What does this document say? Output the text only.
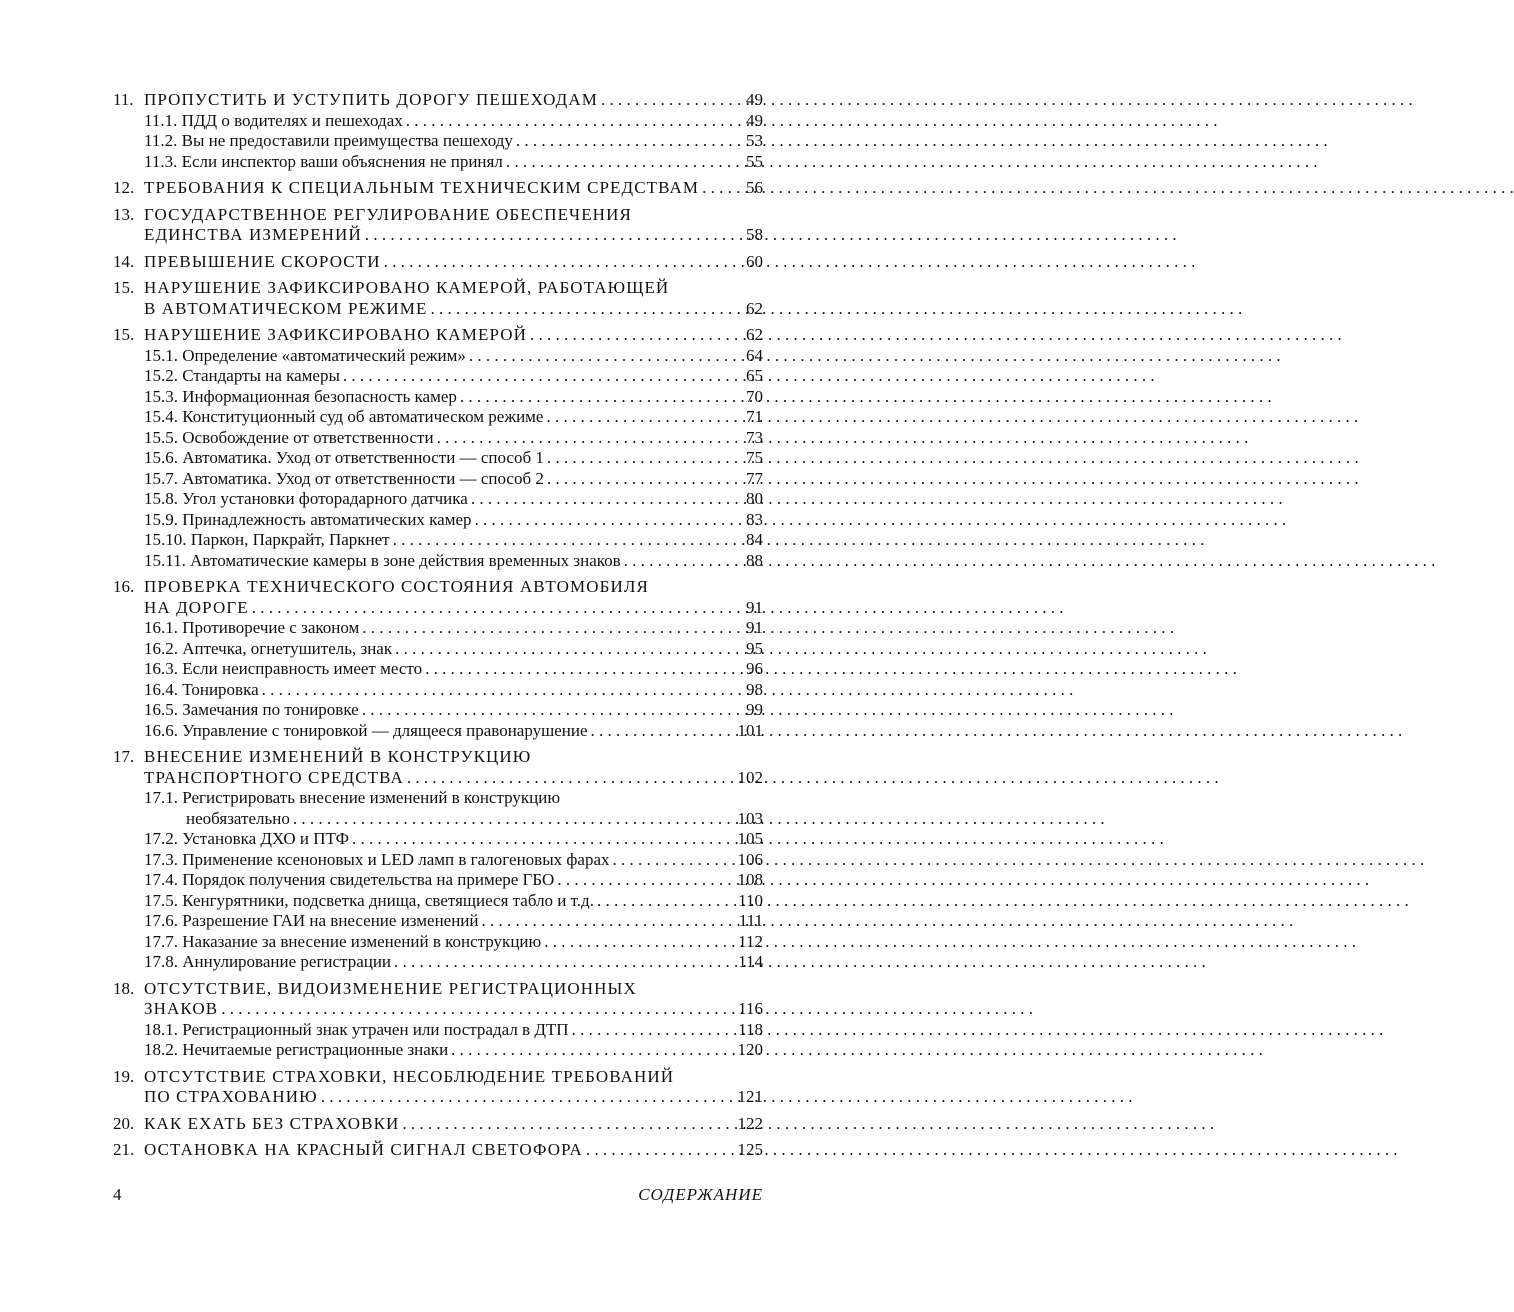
11. ПРОПУСТИТЬ И УСТУПИТЬ ДОРОГУ ПЕШЕХОДАМ . . .	49
11.1. ПДД о водителях и пешеходах . . .	49
11.2. Вы не предоставили преимущества пешеходу . . .	53
11.3. Если инспектор ваши объяснения не принял . . .	55
12. ТРЕБОВАНИЯ К СПЕЦИАЛЬНЫМ ТЕХНИЧЕСКИМ СРЕДСТВАМ . . .	56
13. ГОСУДАРСТВЕННОЕ РЕГУЛИРОВАНИЕ ОБЕСПЕЧЕНИЯ
ЕДИНСТВА ИЗМЕРЕНИЙ . . .	58
14. ПРЕВЫШЕНИЕ СКОРОСТИ . . .	60
15. НАРУШЕНИЕ ЗАФИКСИРОВАНО КАМЕРОЙ, РАБОТАЮЩЕЙ
В АВТОМАТИЧЕСКОМ РЕЖИМЕ . . .	62
15. НАРУШЕНИЕ ЗАФИКСИРОВАНО КАМЕРОЙ . . .	62
15.1. Определение «автоматический режим» . . .	64
15.2. Стандарты на камеры . . .	65
15.3. Информационная безопасность камер . . .	70
15.4. Конституционный суд об автоматическом режиме . . .	71
15.5. Освобождение от ответственности . . .	73
15.6. Автоматика. Уход от ответственности — способ 1 . . .	75
15.7. Автоматика. Уход от ответственности — способ 2 . . .	77
15.8. Угол установки фоторадарного датчика . . .	80
15.9. Принадлежность автоматических камер . . .	83
15.10. Паркон, Паркрайт, Паркнет . . .	84
15.11. Автоматические камеры в зоне действия временных знаков . . .	88
16. ПРОВЕРКА ТЕХНИЧЕСКОГО СОСТОЯНИЯ АВТОМОБИЛЯ
НА ДОРОГЕ . . .	91
16.1. Противоречие с законом . . .	91
16.2. Аптечка, огнетушитель, знак . . .	95
16.3. Если неисправность имеет место . . .	96
16.4. Тонировка . . .	98
16.5. Замечания по тонировке . . .	99
16.6. Управление с тонировкой — длящееся правонарушение . . .	101
17. ВНЕСЕНИЕ ИЗМЕНЕНИЙ В КОНСТРУКЦИЮ
ТРАНСПОРТНОГО СРЕДСТВА . . .	102
17.1. Регистрировать внесение изменений в конструкцию
необязательно . . .	103
17.2. Установка ДХО и ПТФ . . .	105
17.3. Применение ксеноновых и LED ламп в галогеновых фарах . . .	106
17.4. Порядок получения свидетельства на примере ГБО . . .	108
17.5. Кенгурятники, подсветка днища, светящиеся табло и т.д. . . .	110
17.6. Разрешение ГАИ на внесение изменений . . .	111
17.7. Наказание за внесение изменений в конструкцию . . .	112
17.8. Аннулирование регистрации . . .	114
18. ОТСУТСТВИЕ, ВИДОИЗМЕНЕНИЕ РЕГИСТРАЦИОННЫХ
ЗНАКОВ . . .	116
18.1. Регистрационный знак утрачен или пострадал в ДТП . . .	118
18.2. Нечитаемые регистрационные знаки . . .	120
19. ОТСУТСТВИЕ СТРАХОВКИ, НЕСОБЛЮДЕНИЕ ТРЕБОВАНИЙ
ПО СТРАХОВАНИЮ . . .	121
20. КАК ЕХАТЬ БЕЗ СТРАХОВКИ . . .	122
21. ОСТАНОВКА НА КРАСНЫЙ СИГНАЛ СВЕТОФОРА . . .	125
4	СОДЕРЖАНИЕ
